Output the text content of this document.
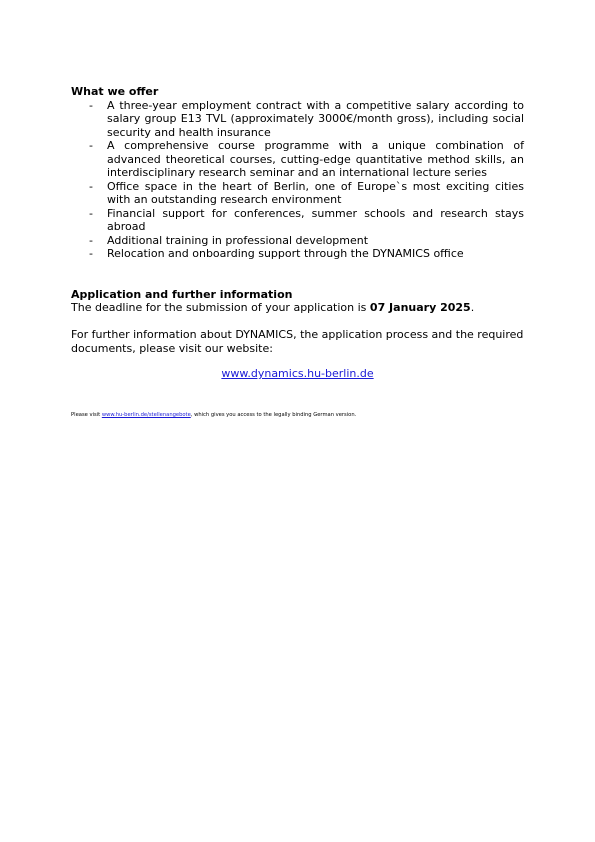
What we offer
- A three-year employment contract with a competitive salary according to salary group E13 TVL (approximately 3000€/month gross), including social security and health insurance
- A comprehensive course programme with a unique combination of advanced theoretical courses, cutting-edge quantitative method skills, an interdisciplinary research seminar and an international lecture series
- Office space in the heart of Berlin, one of Europe`s most exciting cities with an outstanding research environment
- Financial support for conferences, summer schools and research stays abroad
- Additional training in professional development
- Relocation and onboarding support through the DYNAMICS office
Application and further information
The deadline for the submission of your application is 07 January 2025.
For further information about DYNAMICS, the application process and the required documents, please visit our website:
www.dynamics.hu-berlin.de
Please visit www.hu-berlin.de/stellenangebote, which gives you access to the legally binding German version.
